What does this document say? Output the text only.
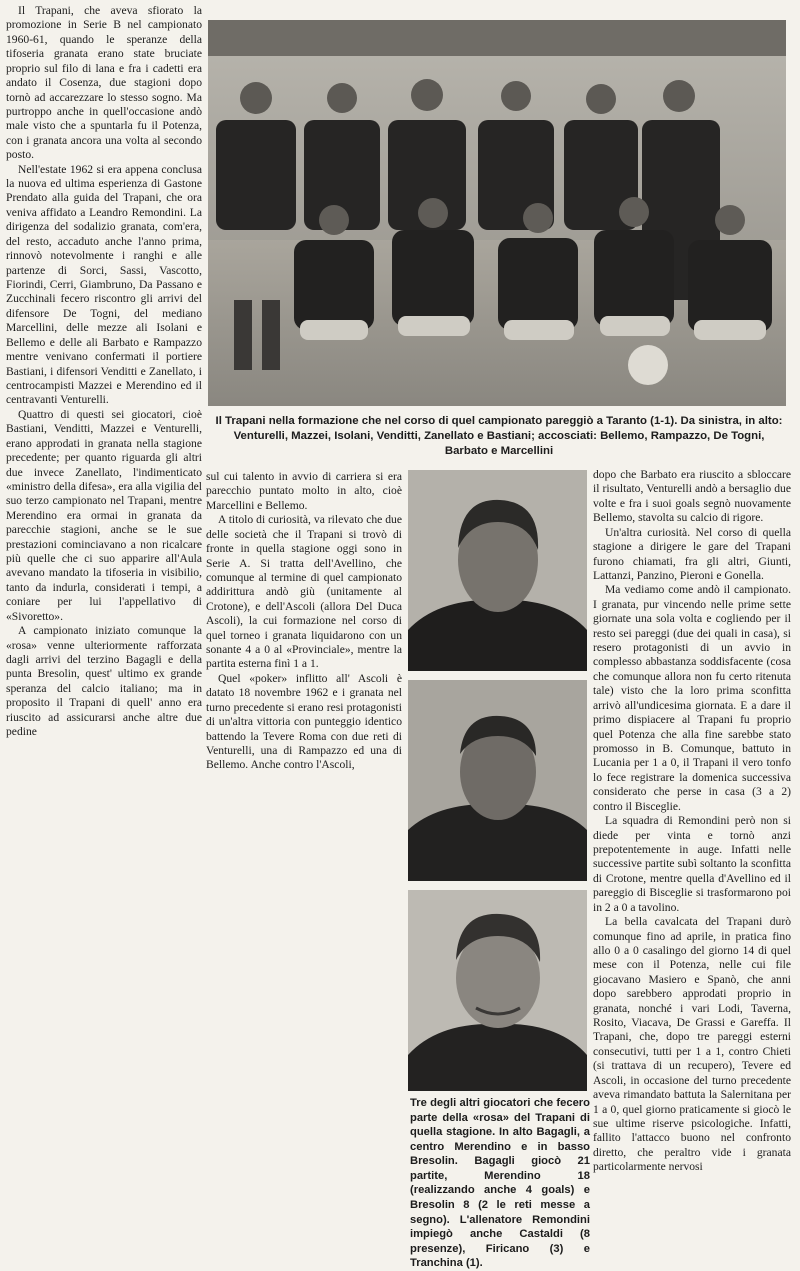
Il Trapani, che aveva sfiorato la promozione in Serie B nel campionato 1960-61, quando le speranze della tifoseria granata erano state bruciate proprio sul filo di lana e fra i cadetti era andato il Cosenza, due stagioni dopo tornò ad accarezzare lo stesso sogno. Ma purtroppo anche in quell'occasione andò male visto che a spuntarla fu il Potenza, con i granata ancora una volta al secondo posto.

Nell'estate 1962 si era appena conclusa la nuova ed ultima esperienza di Gastone Prendato alla guida del Trapani, che ora veniva affidato a Leandro Remondini. La dirigenza del sodalizio granata, com'era, del resto, accaduto anche l'anno prima, rinnovò notevolmente i ranghi e alle partenze di Sorci, Sassi, Vascotto, Fiorindi, Cerri, Giambruno, Da Passano e Zucchinali fecero riscontro gli arrivi del difensore De Togni, del mediano Marcellini, delle mezze ali Isolani e Bellemo e delle ali Barbato e Rampazzo mentre venivano confermati il portiere Bastiani, i difensori Venditti e Zanellato, i centrocampisti Mazzei e Merendino ed il centravanti Venturelli.

Quattro di questi sei giocatori, cioè Bastiani, Venditti, Mazzei e Venturelli, erano approdati in granata nella stagione precedente; per quanto riguarda gli altri due invece Zanellato, l'indimenticato «ministro della difesa», era alla vigilia del suo terzo campionato nel Trapani, mentre Merendino era ormai in granata da parecchie stagioni, anche se le sue prestazioni cominciavano a non ricalcare più quelle che ci suo apparire all'Aula avevano mandato la tifoseria in visibilio, tanto da indurla, considerati i tempi, a coniare per lui l'appellativo di «Sivoretto».

A campionato iniziato comunque la «rosa» venne ulteriormente rafforzata dagli arrivi del terzino Bagagli e della punta Bresolin, quest' ultimo ex grande speranza del calcio italiano; ma in proposito il Trapani di quell' anno era riuscito ad assicurarsi anche altre due pedine

Il Trapani nella formazione che nel corso di quel campionato pareggiò a Taranto (1-1). Da sinistra, in alto: Venturelli, Mazzei, Isolani, Venditti, Zanellato e Bastiani; accosciati: Bellemo, Rampazzo, De Togni, Barbato e Marcellini

sul cui talento in avvio di carriera si era parecchio puntato molto in alto, cioè Marcellini e Bellemo.

A titolo di curiosità, va rilevato che due delle società che il Trapani si trovò di fronte in quella stagione oggi sono in Serie A. Si tratta dell'Avellino, che comunque al termine di quel campionato addirittura andò giù (unitamente al Crotone), e dell'Ascoli (allora Del Duca Ascoli), la cui formazione nel corso di quel torneo i granata liquidarono con un sonante 4 a 0 al «Provinciale», mentre la partita esterna finì 1 a 1.

Quel «poker» inflitto all' Ascoli è datato 18 novembre 1962 e i granata nel turno precedente si erano resi protagonisti di un'altra vittoria con punteggio identico battendo la Tevere Roma con due reti di Venturelli, una di Rampazzo ed una di Bellemo. Anche contro l'Ascoli,

Tre degli altri giocatori che fecero parte della «rosa» del Trapani di quella stagione. In alto Bagagli, a centro Merendino e in basso Bresolin. Bagagli giocò 21 partite, Merendino 18 (realizzando anche 4 goals) e Bresolin 8 (2 le reti messe a segno). L'allenatore Remondini impiegò anche Castaldi (8 presenze), Firicano (3) e Tranchina (1).

dopo che Barbato era riuscito a sbloccare il risultato, Venturelli andò a bersaglio due volte e fra i suoi goals segnò nuovamente Bellemo, stavolta su calcio di rigore.

Un'altra curiosità. Nel corso di quella stagione a dirigere le gare del Trapani furono chiamati, fra gli altri, Giunti, Lattanzi, Panzino, Pieroni e Gonella.

Ma vediamo come andò il campionato. I granata, pur vincendo nelle prime sette giornate una sola volta e cogliendo per il resto sei pareggi (due dei quali in casa), si resero protagonisti di un avvio in complesso abbastanza soddisfacente (cosa che comunque allora non fu certo ritenuta tale) visto che la loro prima sconfitta arrivò all'undicesima giornata. E a dare il primo dispiacere al Trapani fu proprio quel Potenza che alla fine sarebbe stato promosso in B. Comunque, battuto in Lucania per 1 a 0, il Trapani il vero tonfo lo fece registrare la domenica successiva considerato che perse in casa (3 a 2) contro il Bisceglie.

La squadra di Remondini però non si diede per vinta e tornò anzi prepotentemente in auge. Infatti nelle successive partite subì soltanto la sconfitta di Crotone, mentre quella d'Avellino ed il pareggio di Bisceglie si trasformarono poi in 2 a 0 a tavolino.

La bella cavalcata del Trapani durò comunque fino ad aprile, in pratica fino allo 0 a 0 casalingo del giorno 14 di quel mese con il Potenza, nelle cui file giocavano Masiero e Spanò, che anni dopo sarebbero approdati proprio in granata, nonché i vari Lodi, Taverna, Rosito, Viacava, De Grassi e Gareffa. Il Trapani, che, dopo tre pareggi esterni consecutivi, tutti per 1 a 1, contro Chieti (si trattava di un recupero), Tevere ed Ascoli, in occasione del turno precedente aveva rimandato battuta la Salernitana per 1 a 0, quel giorno praticamente si giocò le sue ultime riserve psicologiche. Infatti, fallito l'attacco buono nel confronto diretto, che peraltro vide i granata particolarmente nervosi
